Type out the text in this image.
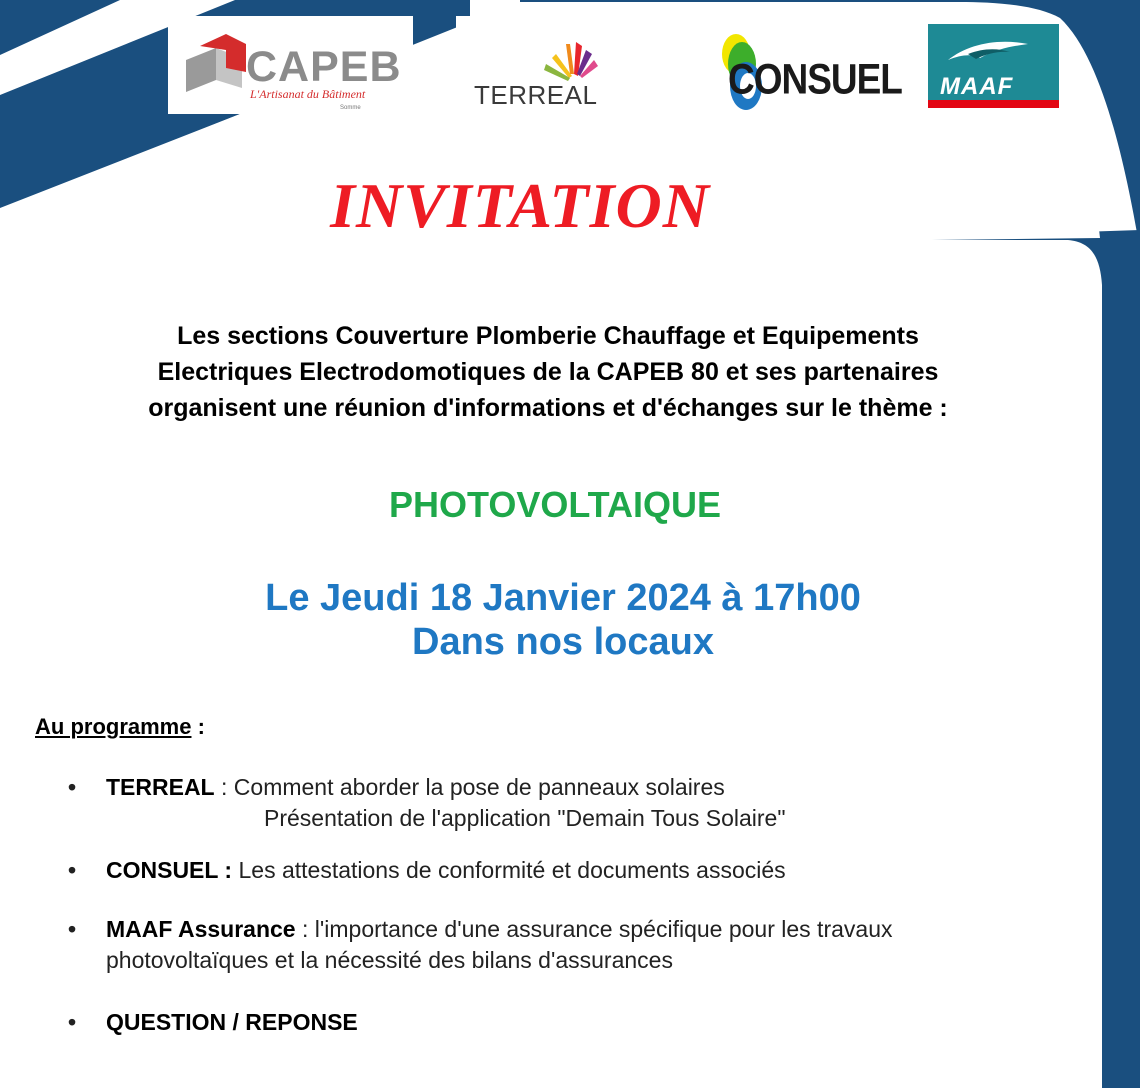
CAPEB
L'Artisanat du Bâtiment
Somme	TERREAL	CONSUEL MAAF
INVITATION
Les sections Couverture Plomberie Chauffage et Equipements
Electriques Electrodomotiques de la CAPEB 80 et ses partenaires
organisent une réunion d'informations et d'échanges sur le thème :
PHOTOVOLTAIQUE
Le Jeudi 18 Janvier 2024 à 17h00
Dans nos locaux
Au programme :
• TERREAL : Comment aborder la pose de panneaux solaires
Présentation de l'application "Demain Tous Solaire"
• CONSUEL : Les attestations de conformité et documents associés
• MAAF Assurance : l'importance d'une assurance spécifique pour les travaux
photovoltaïques et la nécessité des bilans d'assurances
• QUESTION / REPONSE
